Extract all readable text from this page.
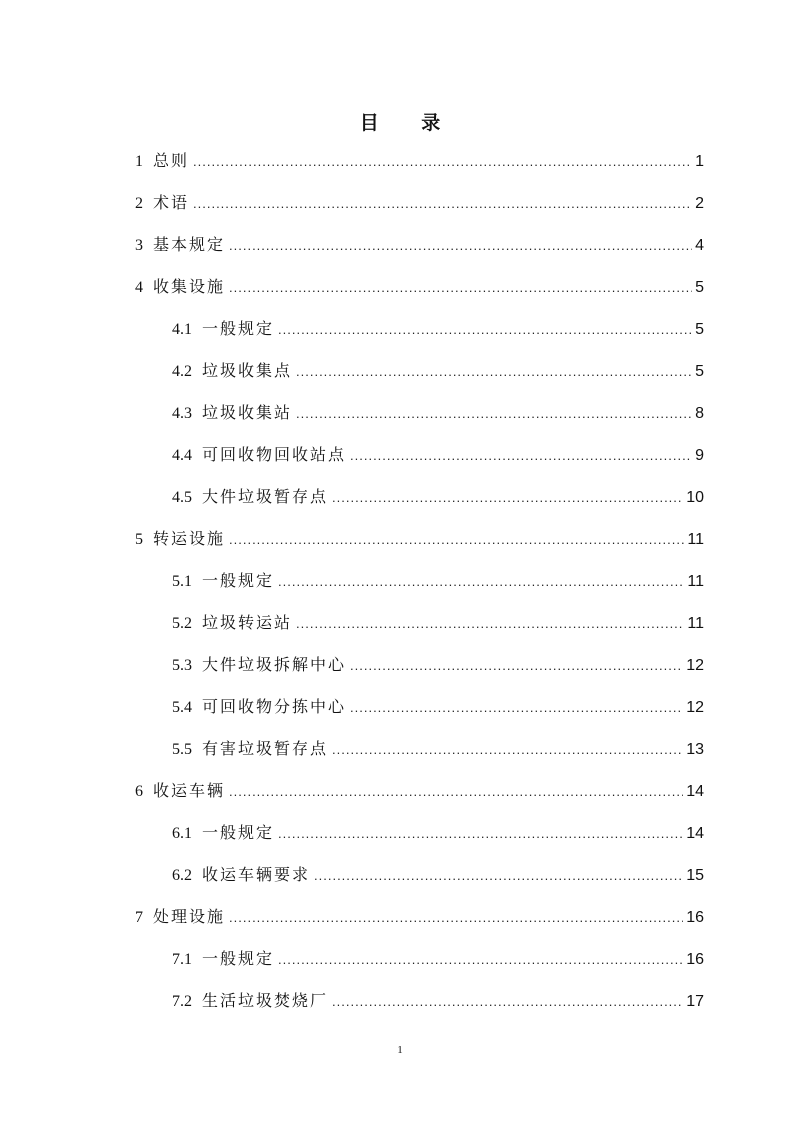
目 录
1 总则 .....	1
2 术语 .....	2
3 基本规定 .....	4
4 收集设施 .....	5
4.1 一般规定 .....	5
4.2 垃圾收集点 .....	5
4.3 垃圾收集站 .....	8
4.4 可回收物回收站点 .....	9
4.5 大件垃圾暂存点 .....	10
5 转运设施 .....	11
5.1 一般规定 .....	11
5.2 垃圾转运站 .....	11
5.3 大件垃圾拆解中心 .....	12
5.4 可回收物分拣中心 .....	12
5.5 有害垃圾暂存点 .....	13
6 收运车辆 .....	14
6.1 一般规定 .....	14
6.2 收运车辆要求 .....	15
7 处理设施 .....	16
7.1 一般规定 .....	16
7.2 生活垃圾焚烧厂 .....	17
1
